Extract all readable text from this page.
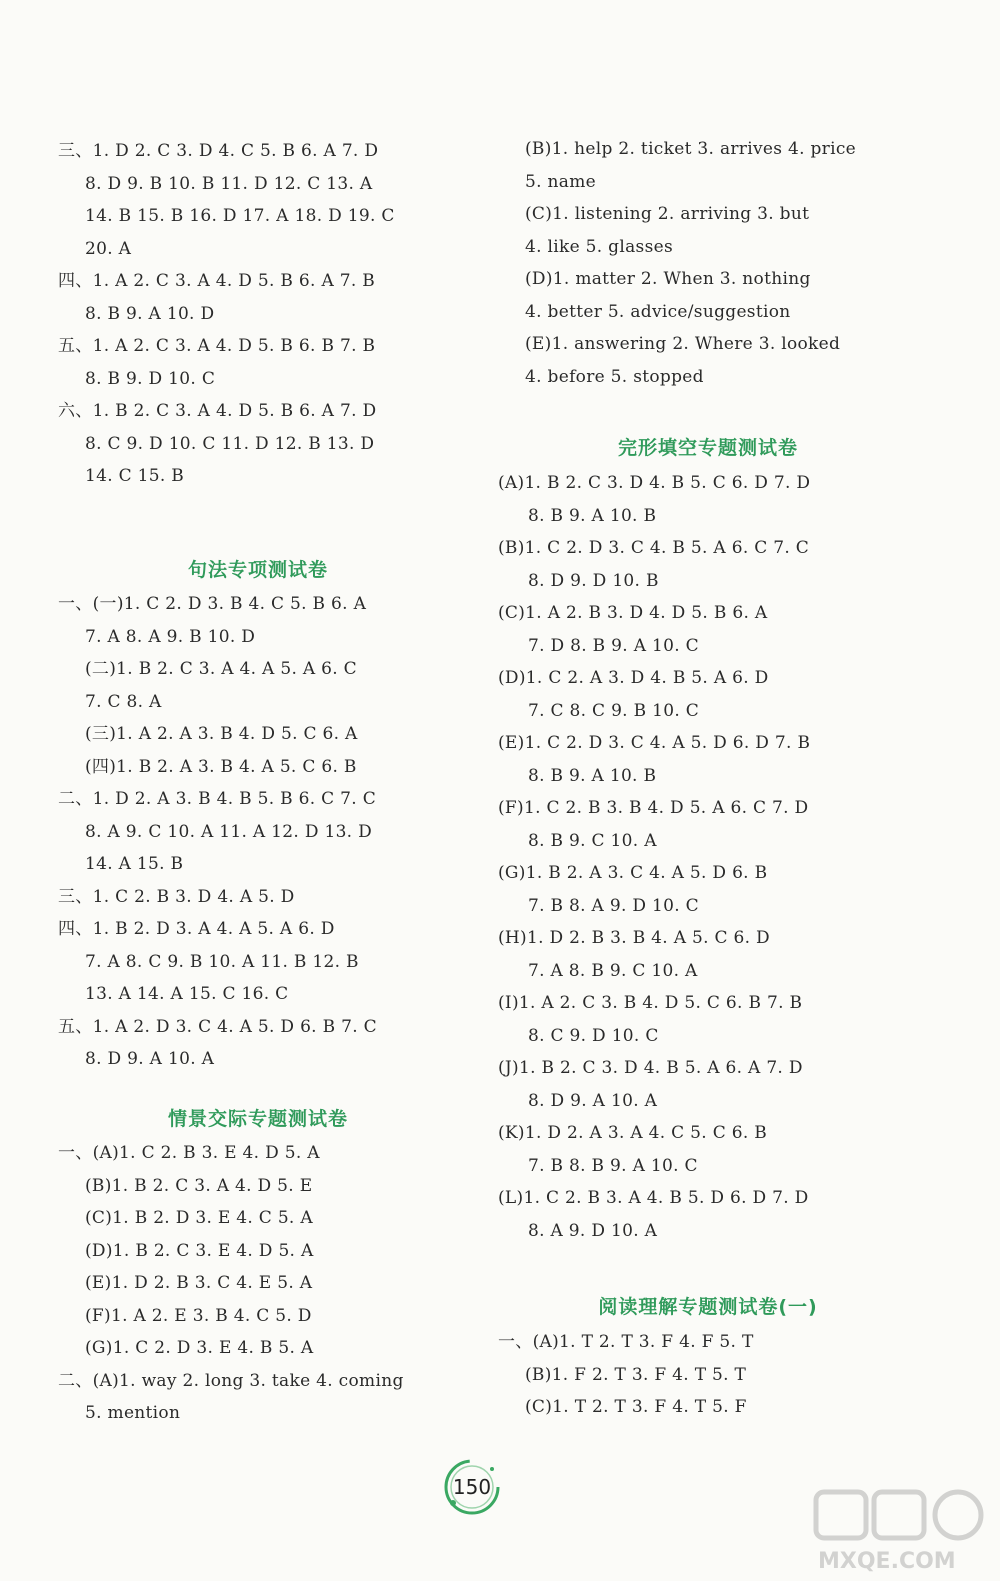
三、1. D 2. C 3. D 4. C 5. B 6. A 7. D
8. D 9. B 10. B 11. D 12. C 13. A
14. B 15. B 16. D 17. A 18. D 19. C
20. A
四、1. A 2. C 3. A 4. D 5. B 6. A 7. B
8. B 9. A 10. D
五、1. A 2. C 3. A 4. D 5. B 6. B 7. B
8. B 9. D 10. C
六、1. B 2. C 3. A 4. D 5. B 6. A 7. D
8. C 9. D 10. C 11. D 12. B 13. D
14. C 15. B
句法专项测试卷
一、(一)1. C 2. D 3. B 4. C 5. B 6. A
7. A 8. A 9. B 10. D
(二)1. B 2. C 3. A 4. A 5. A 6. C
7. C 8. A
(三)1. A 2. A 3. B 4. D 5. C 6. A
(四)1. B 2. A 3. B 4. A 5. C 6. B
二、1. D 2. A 3. B 4. B 5. B 6. C 7. C
8. A 9. C 10. A 11. A 12. D 13. D
14. A 15. B
三、1. C 2. B 3. D 4. A 5. D
四、1. B 2. D 3. A 4. A 5. A 6. D
7. A 8. C 9. B 10. A 11. B 12. B
13. A 14. A 15. C 16. C
五、1. A 2. D 3. C 4. A 5. D 6. B 7. C
8. D 9. A 10. A
情景交际专题测试卷
一、(A)1. C 2. B 3. E 4. D 5. A
(B)1. B 2. C 3. A 4. D 5. E
(C)1. B 2. D 3. E 4. C 5. A
(D)1. B 2. C 3. E 4. D 5. A
(E)1. D 2. B 3. C 4. E 5. A
(F)1. A 2. E 3. B 4. C 5. D
(G)1. C 2. D 3. E 4. B 5. A
二、(A)1. way 2. long 3. take 4. coming
5. mention
(B)1. help 2. ticket 3. arrives 4. price
5. name
(C)1. listening 2. arriving 3. but
4. like 5. glasses
(D)1. matter 2. When 3. nothing
4. better 5. advice/suggestion
(E)1. answering 2. Where 3. looked
4. before 5. stopped
完形填空专题测试卷
(A)1. B 2. C 3. D 4. B 5. C 6. D 7. D
8. B 9. A 10. B
(B)1. C 2. D 3. C 4. B 5. A 6. C 7. C
8. D 9. D 10. B
(C)1. A 2. B 3. D 4. D 5. B 6. A
7. D 8. B 9. A 10. C
(D)1. C 2. A 3. D 4. B 5. A 6. D
7. C 8. C 9. B 10. C
(E)1. C 2. D 3. C 4. A 5. D 6. D 7. B
8. B 9. A 10. B
(F)1. C 2. B 3. B 4. D 5. A 6. C 7. D
8. B 9. C 10. A
(G)1. B 2. A 3. C 4. A 5. D 6. B
7. B 8. A 9. D 10. C
(H)1. D 2. B 3. B 4. A 5. C 6. D
7. A 8. B 9. C 10. A
(I)1. A 2. C 3. B 4. D 5. C 6. B 7. B
8. C 9. D 10. C
(J)1. B 2. C 3. D 4. B 5. A 6. A 7. D
8. D 9. A 10. A
(K)1. D 2. A 3. A 4. C 5. C 6. B
7. B 8. B 9. A 10. C
(L)1. C 2. B 3. A 4. B 5. D 6. D 7. D
8. A 9. D 10. A
阅读理解专题测试卷(一)
一、(A)1. T 2. T 3. F 4. F 5. T
(B)1. F 2. T 3. F 4. T 5. T
(C)1. T 2. T 3. F 4. T 5. F
150
MXQE.COM
